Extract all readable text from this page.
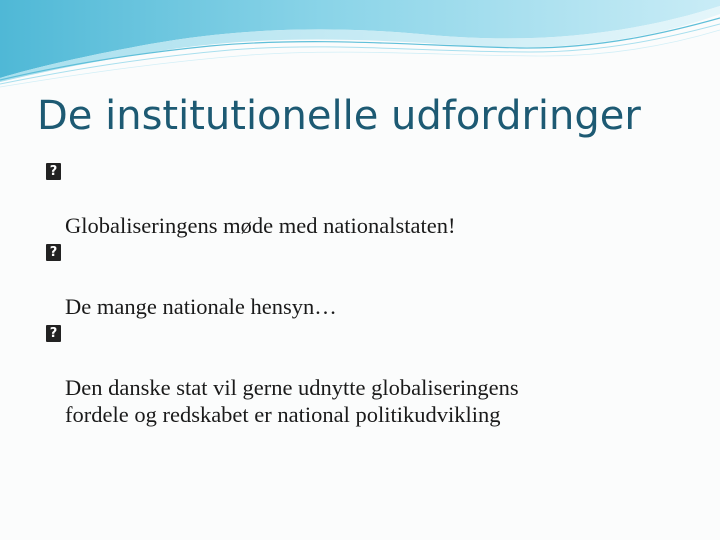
De institutionelle udfordringer

?

Globaliseringens møde med nationalstaten!

?

De mange nationale hensyn…

?

Den danske stat vil gerne udnytte globaliseringens
fordele og redskabet er national politikudvikling
